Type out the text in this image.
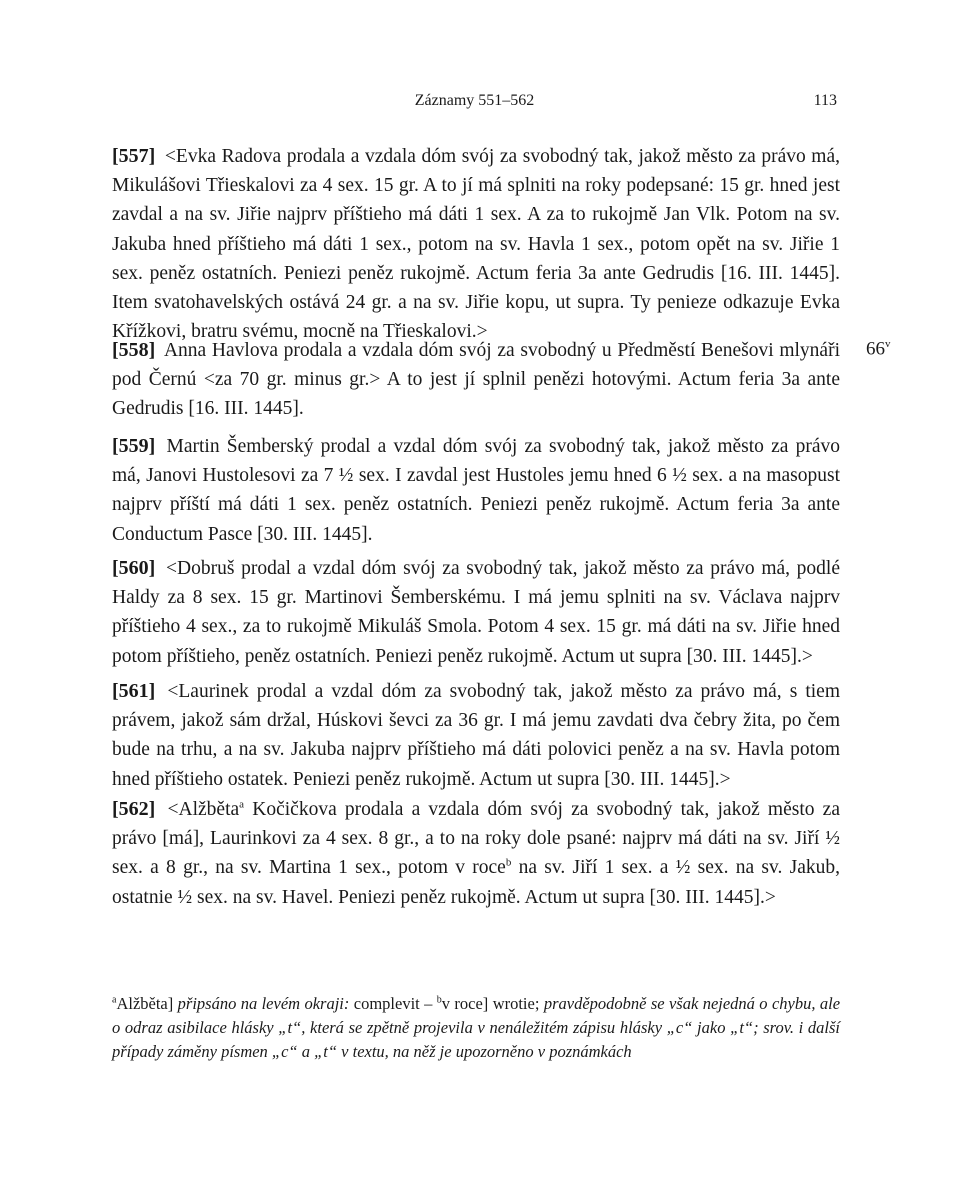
Záznamy 551–562	113
[557] <Evka Radova prodala a vzdala dóm svój za svobodný tak, jakož město za právo má, Mikulášovi Třieskalovi za 4 sex. 15 gr. A to jí má splniti na roky podepsané: 15 gr. hned jest zavdal a na sv. Jiřie najprv příštieho má dáti 1 sex. A za to rukojmě Jan Vlk. Potom na sv. Jakuba hned příštieho má dáti 1 sex., potom na sv. Havla 1 sex., potom opět na sv. Jiřie 1 sex. peněz ostatních. Peniezi peněz rukojmě. Actum feria 3a ante Gedrudis [16. III. 1445]. Item svatohavelských ostává 24 gr. a na sv. Jiřie kopu, ut supra. Ty penieze odkazuje Evka Křížkovi, bratru svému, mocně na Třieskalovi.>
[558] Anna Havlova prodala a vzdala dóm svój za svobodný u Předměstí Benešovi mlynáři pod Černú <za 70 gr. minus gr.> A to jest jí splnil penězi hotovými. Actum feria 3a ante Gedrudis [16. III. 1445].
66$^v$
[559] Martin Šemberský prodal a vzdal dóm svój za svobodný tak, jakož město za právo má, Janovi Hustolesovi za 7 ½ sex. I zavdal jest Hustoles jemu hned 6 ½ sex. a na masopust najprv příští má dáti 1 sex. peněz ostatních. Peniezi peněz rukojmě. Actum feria 3a ante Conductum Pasce [30. III. 1445].
[560] <Dobruš prodal a vzdal dóm svój za svobodný tak, jakož město za právo má, podlé Haldy za 8 sex. 15 gr. Martinovi Šemberskému. I má jemu splniti na sv. Václava najprv příštieho 4 sex., za to rukojmě Mikuláš Smola. Potom 4 sex. 15 gr. má dáti na sv. Jiřie hned potom příštieho, peněz ostatních. Peniezi peněz rukojmě. Actum ut supra [30. III. 1445].>
[561] <Laurinek prodal a vzdal dóm za svobodný tak, jakož město za právo má, s tiem právem, jakož sám držal, Húskovi ševci za 36 gr. I má jemu zavdati dva čebry žita, po čem bude na trhu, a na sv. Jakuba najprv příštieho má dáti polovici peněz a na sv. Havla potom hned příštieho ostatek. Peniezi peněz rukojmě. Actum ut supra [30. III. 1445].>
[562] <Alžběta$^a$ Kočičkova prodala a vzdala dóm svój za svobodný tak, jakož město za právo [má], Laurinkovi za 4 sex. 8 gr., a to na roky dole psané: najprv má dáti na sv. Jiří ½ sex. a 8 gr., na sv. Martina 1 sex., potom v roce$^b$ na sv. Jiří 1 sex. a ½ sex. na sv. Jakub, ostatnie ½ sex. na sv. Havel. Peniezi peněz rukojmě. Actum ut supra [30. III. 1445].>
$^a$Alžběta] připsáno na levém okraji: complevit – $^b$v roce] wrotie; pravděpodobně se však nejedná o chybu, ale o odraz asibilace hlásky „t“, která se zpětně projevila v nenáležitém zápisu hlásky „c“ jako „t“; srov. i další případy záměny písmen „c“ a „t“ v textu, na něž je upozorněno v poznámkách
